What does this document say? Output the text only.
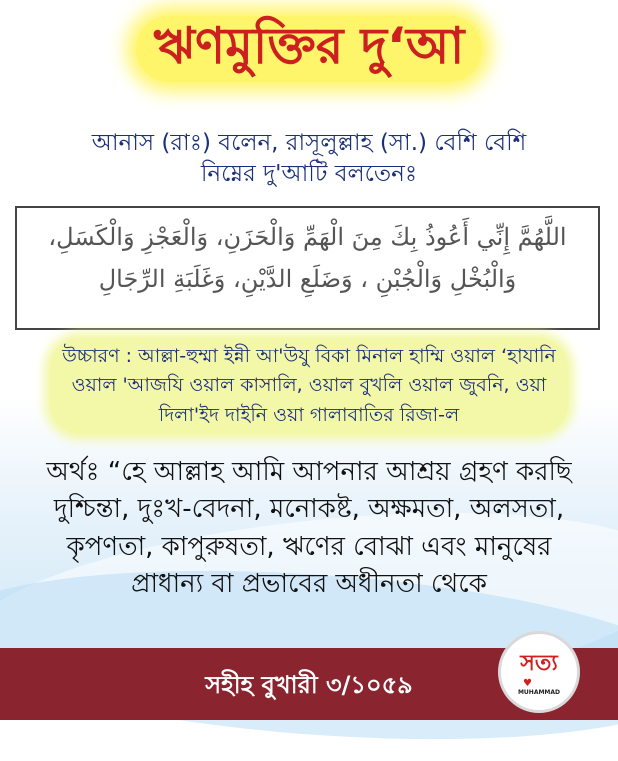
ঋণমুক্তির দু‘আ
আনাস (রাঃ) বলেন, রাসূলুল্লাহ (সা.) বেশি বেশি
নিম্নের দু'আটি বলতেনঃ
اللَّهُمَّ إِنِّي أَعُوذُ بِكَ مِنَ الْهَمِّ وَالْحَزَنِ، وَالْعَجْزِ وَالْكَسَلِ،
وَالْبُخْلِ وَالْجُبْنِ ، وَضَلَعِ الدَّيْنِ، وَغَلَبَةِ الرِّجَالِ
উচ্চারণ : আল্লা-হুম্মা ইন্নী আ'উযু বিকা মিনাল হাম্মি ওয়াল ‘হাযানি
ওয়াল 'আজযি ওয়াল কাসালি, ওয়াল বুখলি ওয়াল জুবনি, ওয়া
দিলা'ইদ দাইনি ওয়া গালাবাতির রিজা-ল
অর্থঃ “হে আল্লাহ আমি আপনার আশ্রয় গ্রহণ করছি
দুশ্চিন্তা, দুঃখ-বেদনা, মনোকষ্ট, অক্ষমতা, অলসতা,
কৃপণতা, কাপুরুষতা, ঋণের বোঝা এবং মানুষের
প্রাধান্য বা প্রভাবের অধীনতা থেকে
সহীহ বুখারী ৩/১০৫৯
সত্য
♥
MUHAMMAD
